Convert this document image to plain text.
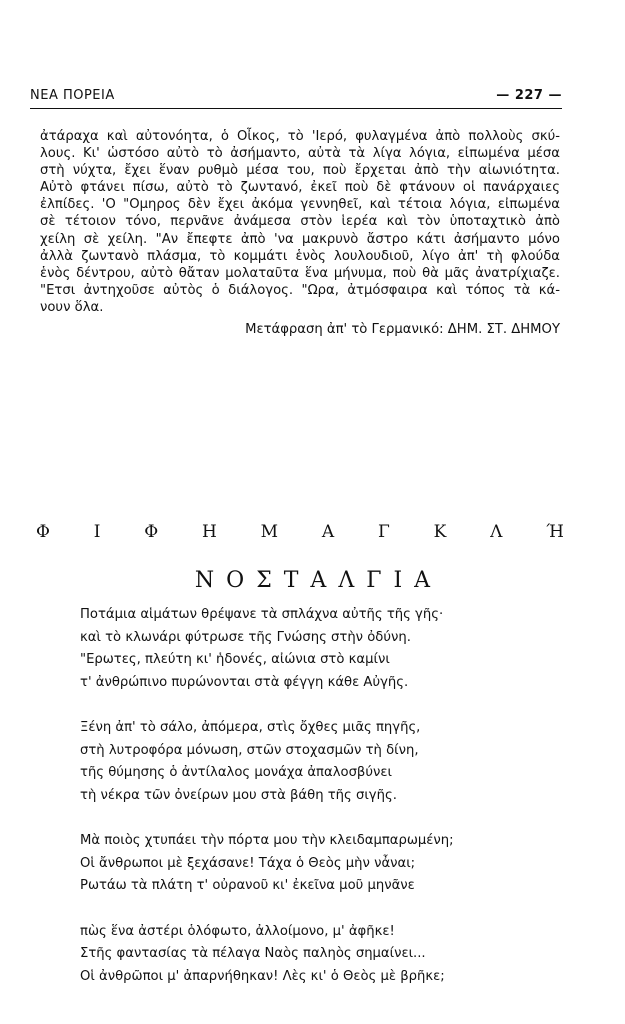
ΝΕΑ ΠΟΡΕΙΑ	— 227 —
ἀτάραχα καὶ αὐτονόητα, ὁ Οἶκος, τὸ 'Ιερό, φυλαγμένα ἀπὸ πολλοὺς σκύ-
λους. Κι' ὡστόσο αὐτὸ τὸ ἀσήμαντο, αὐτὰ τὰ λίγα λόγια, εἰπωμένα μέσα
στὴ νύχτα, ἔχει ἕναν ρυθμὸ μέσα του, ποὺ ἔρχεται ἀπὸ τὴν αἰωνιότητα.
Αὐτὸ φτάνει πίσω, αὐτὸ τὸ ζωντανό, ἐκεῖ ποὺ δὲ φτάνουν οἱ πανάρχαιες
ἐλπίδες. 'Ο "Ομηρος δὲν ἔχει ἀκόμα γεννηθεῖ, καὶ τέτοια λόγια, εἰπωμένα
σὲ τέτοιον τόνο, περνᾶνε ἀνάμεσα στὸν ἱερέα καὶ τὸν ὑποταχτικὸ ἀπὸ
χείλη σὲ χείλη. "Αν ἔπεφτε ἀπὸ 'να μακρυνὸ ἄστρο κάτι ἀσήμαντο μόνο
ἀλλὰ ζωντανὸ πλάσμα, τὸ κομμάτι ἑνὸς λουλουδιοῦ, λίγο ἀπ' τὴ φλούδα
ἑνὸς δέντρου, αὐτὸ θἄταν μολαταῦτα ἕνα μήνυμα, ποὺ θὰ μᾶς ἀνατρίχιαζε.
"Ετσι ἀντηχοῦσε αὐτὸς ὁ διάλογος. "Ωρα, ἀτμόσφαιρα καὶ τόπος τὰ κά-
νουν ὅλα.
Μετάφραση ἀπ' τὸ Γερμανικό: ΔΗΜ. ΣΤ. ΔΗΜΟΥ
Φ	Ι	Φ	Η	Μ	Α	Γ	Κ	Λ	Ή
ΝΟΣΤΑΛΓΙΑ
Ποτάμια αἱμάτων θρέψανε τὰ σπλάχνα αὐτῆς τῆς γῆς·
καὶ τὸ κλωνάρι φύτρωσε τῆς Γνώσης στὴν ὀδύνη.
"Ερωτες, πλεύτη κι' ἡδονές, αἰώνια στὸ καμίνι
τ' ἀνθρώπινο πυρώνονται στὰ φέγγη κάθε Αὐγῆς.
Ξένη ἀπ' τὸ σάλο, ἀπόμερα, στὶς ὄχθες μιᾶς πηγῆς,
στὴ λυτροφόρα μόνωση, στῶν στοχασμῶν τὴ δίνη,
τῆς θύμησης ὁ ἀντίλαλος μονάχα ἀπαλοσβύνει
τὴ νέκρα τῶν ὀνείρων μου στὰ βάθη τῆς σιγῆς.
Μὰ ποιὸς χτυπάει τὴν πόρτα μου τὴν κλειδαμπαρωμένη;
Οἱ ἄνθρωποι μὲ ξεχάσανε! Τάχα ὁ Θεὸς μὴν νἆναι;
Ρωτάω τὰ πλάτη τ' οὐρανοῦ κι' ἐκεῖνα μοῦ μηνᾶνε
πὼς ἕνα ἀστέρι ὁλόφωτο, ἀλλοίμονο, μ' ἀφῆκε!
Στῆς φαντασίας τὰ πέλαγα Ναὸς παληὸς σημαίνει...
Οἱ ἀνθρῶποι μ' ἀπαρνήθηκαν! Λὲς κι' ὁ Θεὸς μὲ βρῆκε;
